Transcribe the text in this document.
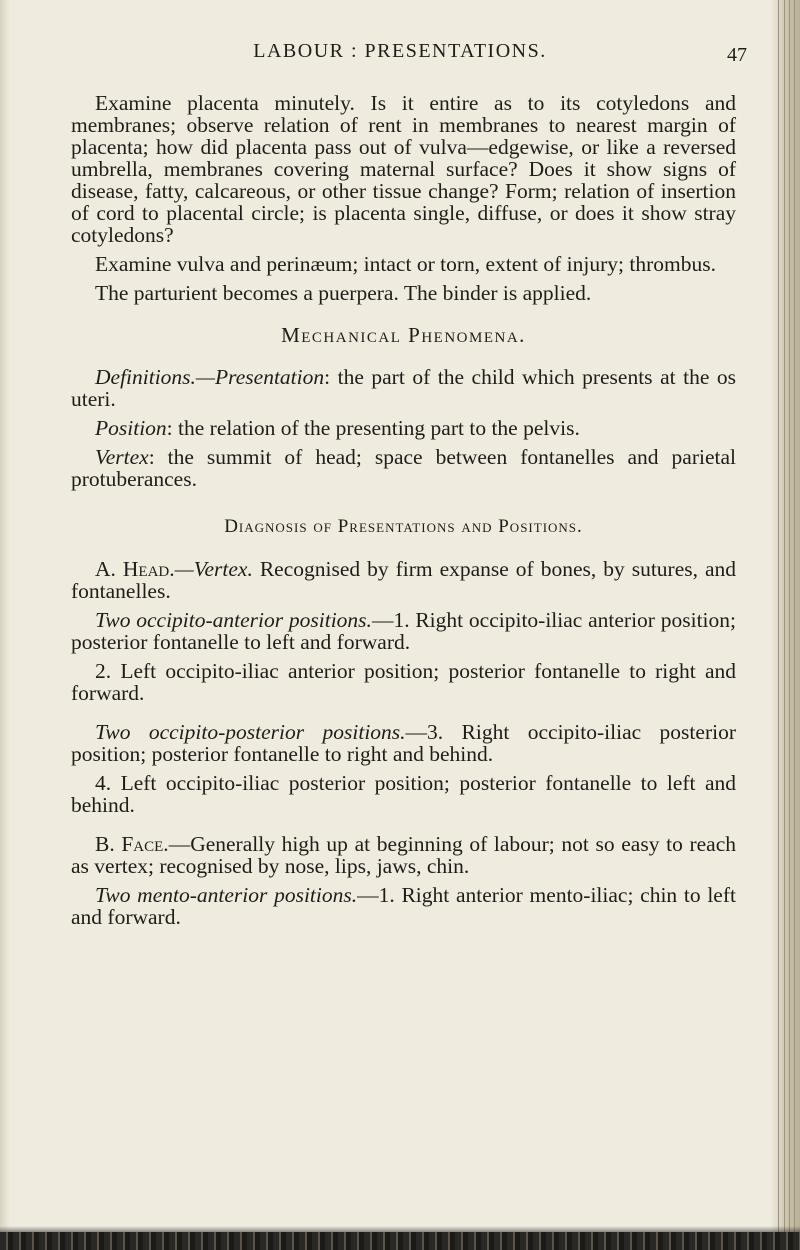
LABOUR : PRESENTATIONS.	47

Examine placenta minutely. Is it entire as to its cotyledons and membranes; observe relation of rent in membranes to nearest margin of placenta; how did placenta pass out of vulva—edgewise, or like a reversed umbrella, membranes covering maternal surface? Does it show signs of disease, fatty, calcareous, or other tissue change? Form; relation of insertion of cord to placental circle; is placenta single, diffuse, or does it show stray cotyledons?

Examine vulva and perinæum; intact or torn, extent of injury; thrombus.

The parturient becomes a puerpera. The binder is applied.

Mechanical Phenomena.

Definitions.—Presentation: the part of the child which presents at the os uteri.

Position: the relation of the presenting part to the pelvis.

Vertex: the summit of head; space between fontanelles and parietal protuberances.

Diagnosis of Presentations and Positions.

A. Head.—Vertex. Recognised by firm expanse of bones, by sutures, and fontanelles.

Two occipito-anterior positions.—1. Right occipito-iliac anterior position; posterior fontanelle to left and forward.

2. Left occipito-iliac anterior position; posterior fontanelle to right and forward.

Two occipito-posterior positions.—3. Right occipito-iliac posterior position; posterior fontanelle to right and behind.

4. Left occipito-iliac posterior position; posterior fontanelle to left and behind.

B. Face.—Generally high up at beginning of labour; not so easy to reach as vertex; recognised by nose, lips, jaws, chin.

Two mento-anterior positions.—1. Right anterior mento-iliac; chin to left and forward.
